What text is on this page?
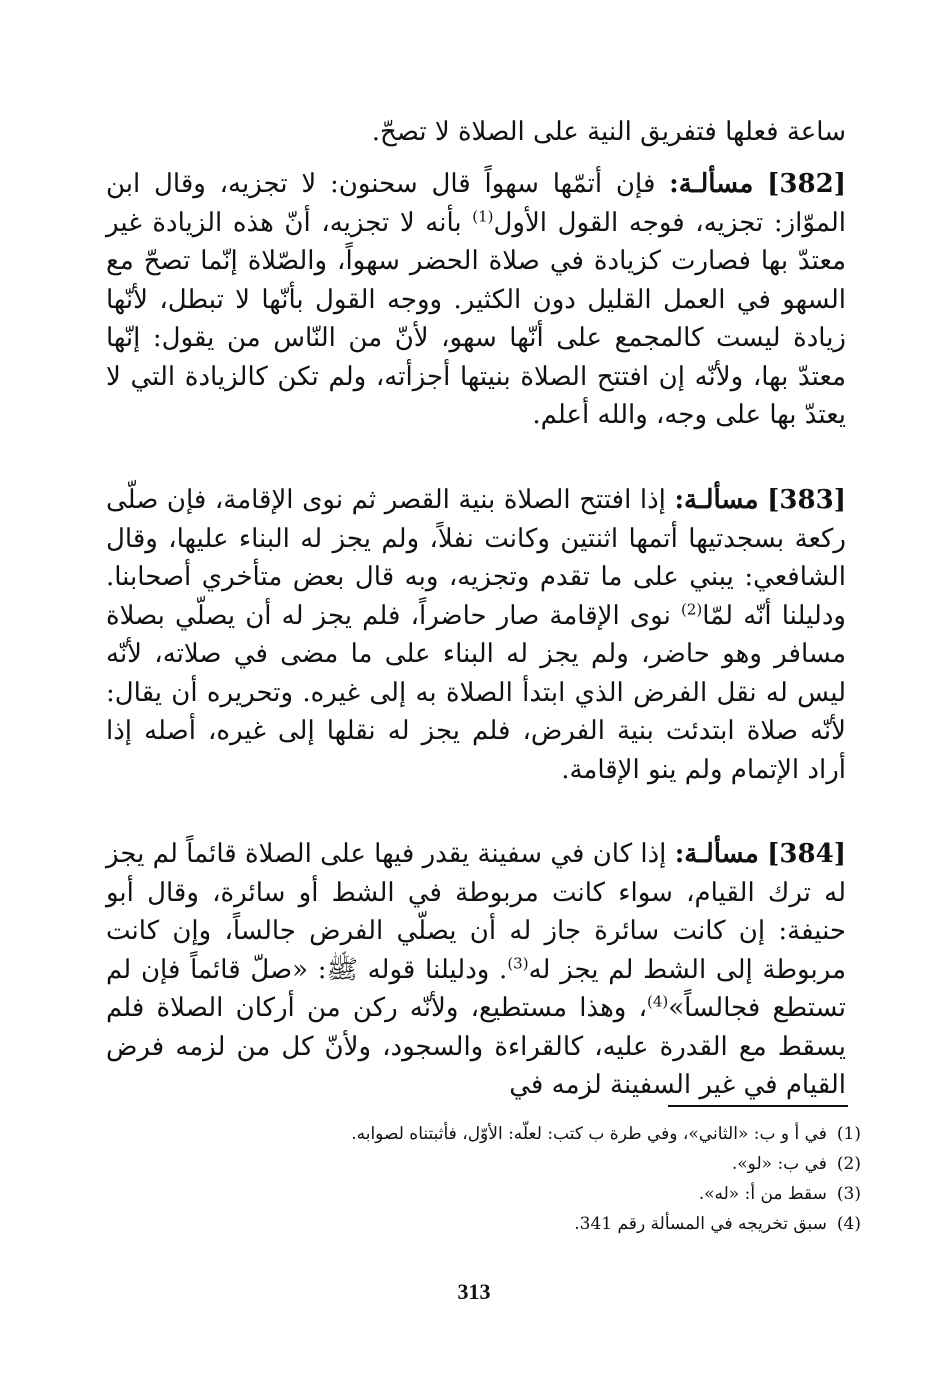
ساعة فعلها فتفريق النية على الصلاة لا تصحّ.

[382] مسألـة: فإن أتمّها سهواً قال سحنون: لا تجزيه، وقال ابن الموّاز: تجزيه، فوجه القول الأول$^{(1)}$ بأنه لا تجزيه، أنّ هذه الزيادة غير معتدّ بها فصارت كزيادة في صلاة الحضر سهواً، والصّلاة إنّما تصحّ مع السهو في العمل القليل دون الكثير. ووجه القول بأنّها لا تبطل، لأنّها زيادة ليست كالمجمع على أنّها سهو، لأنّ من النّاس من يقول: إنّها معتدّ بها، ولأنّه إن افتتح الصلاة بنيتها أجزأته، ولم تكن كالزيادة التي لا يعتدّ بها على وجه، والله أعلم.

[383] مسألـة: إذا افتتح الصلاة بنية القصر ثم نوى الإقامة، فإن صلّى ركعة بسجدتيها أتمها اثنتين وكانت نفلاً، ولم يجز له البناء عليها، وقال الشافعي: يبني على ما تقدم وتجزيه، وبه قال بعض متأخري أصحابنا. ودليلنا أنّه لمّا$^{(2)}$ نوى الإقامة صار حاضراً، فلم يجز له أن يصلّي بصلاة مسافر وهو حاضر، ولم يجز له البناء على ما مضى في صلاته، لأنّه ليس له نقل الفرض الذي ابتدأ الصلاة به إلى غيره. وتحريره أن يقال: لأنّه صلاة ابتدئت بنية الفرض، فلم يجز له نقلها إلى غيره، أصله إذا أراد الإتمام ولم ينو الإقامة.

[384] مسألـة: إذا كان في سفينة يقدر فيها على الصلاة قائماً لم يجز له ترك القيام، سواء كانت مربوطة في الشط أو سائرة، وقال أبو حنيفة: إن كانت سائرة جاز له أن يصلّي الفرض جالساً، وإن كانت مربوطة إلى الشط لم يجز له$^{(3)}$. ودليلنا قوله ﷺ: «صلّ قائماً فإن لم تستطع فجالساً»$^{(4)}$، وهذا مستطيع، ولأنّه ركن من أركان الصلاة فلم يسقط مع القدرة عليه، كالقراءة والسجود، ولأنّ كل من لزمه فرض القيام في غير السفينة لزمه في

(1)في أ و ب: «الثاني»، وفي طرة ب كتب: لعلّه: الأوّل، فأثبتناه لصوابه.
(2)في ب: «لو».
(3)سقط من أ: «له».
(4)سبق تخريجه في المسألة رقم 341.
313
